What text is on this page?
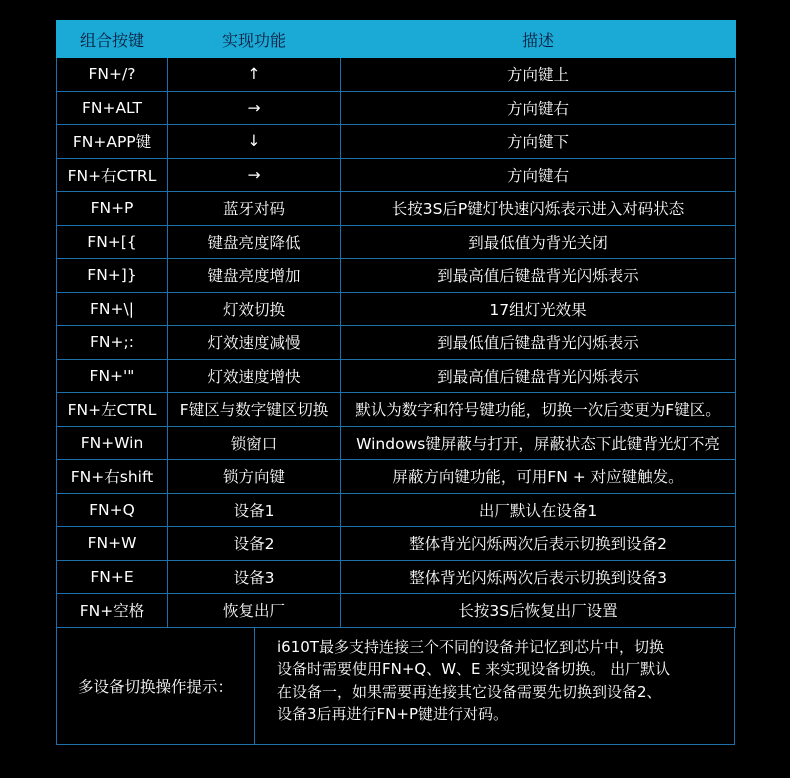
组合按键	实现功能	描述
FN+/?	↑	方向键上
FN+ALT	→	方向键右
FN+APP键	↓	方向键下
FN+右CTRL	→	方向键右
FN+P	蓝牙对码	长按3S后P键灯快速闪烁表示进入对码状态
FN+[{	键盘亮度降低	到最低值为背光关闭
FN+]}	键盘亮度增加	到最高值后键盘背光闪烁表示
FN+\|	灯效切换	17组灯光效果
FN+;:	灯效速度减慢	到最低值后键盘背光闪烁表示
FN+'"	灯效速度增快	到最高值后键盘背光闪烁表示
FN+左CTRL	F键区与数字键区切换	默认为数字和符号键功能，切换一次后变更为F键区。
FN+Win	锁窗口	Windows键屏蔽与打开，屏蔽状态下此键背光灯不亮
FN+右shift	锁方向键	屏蔽方向键功能，可用FN + 对应键触发。
FN+Q	设备1	出厂默认在设备1
FN+W	设备2	整体背光闪烁两次后表示切换到设备2
FN+E	设备3	整体背光闪烁两次后表示切换到设备3
FN+空格	恢复出厂	长按3S后恢复出厂设置
多设备切换操作提示：
i610T最多支持连接三个不同的设备并记忆到芯片中，切换
设备时需要使用FN+Q、W、E 来实现设备切换。 出厂默认
在设备一，如果需要再连接其它设备需要先切换到设备2、
设备3后再进行FN+P键进行对码。
